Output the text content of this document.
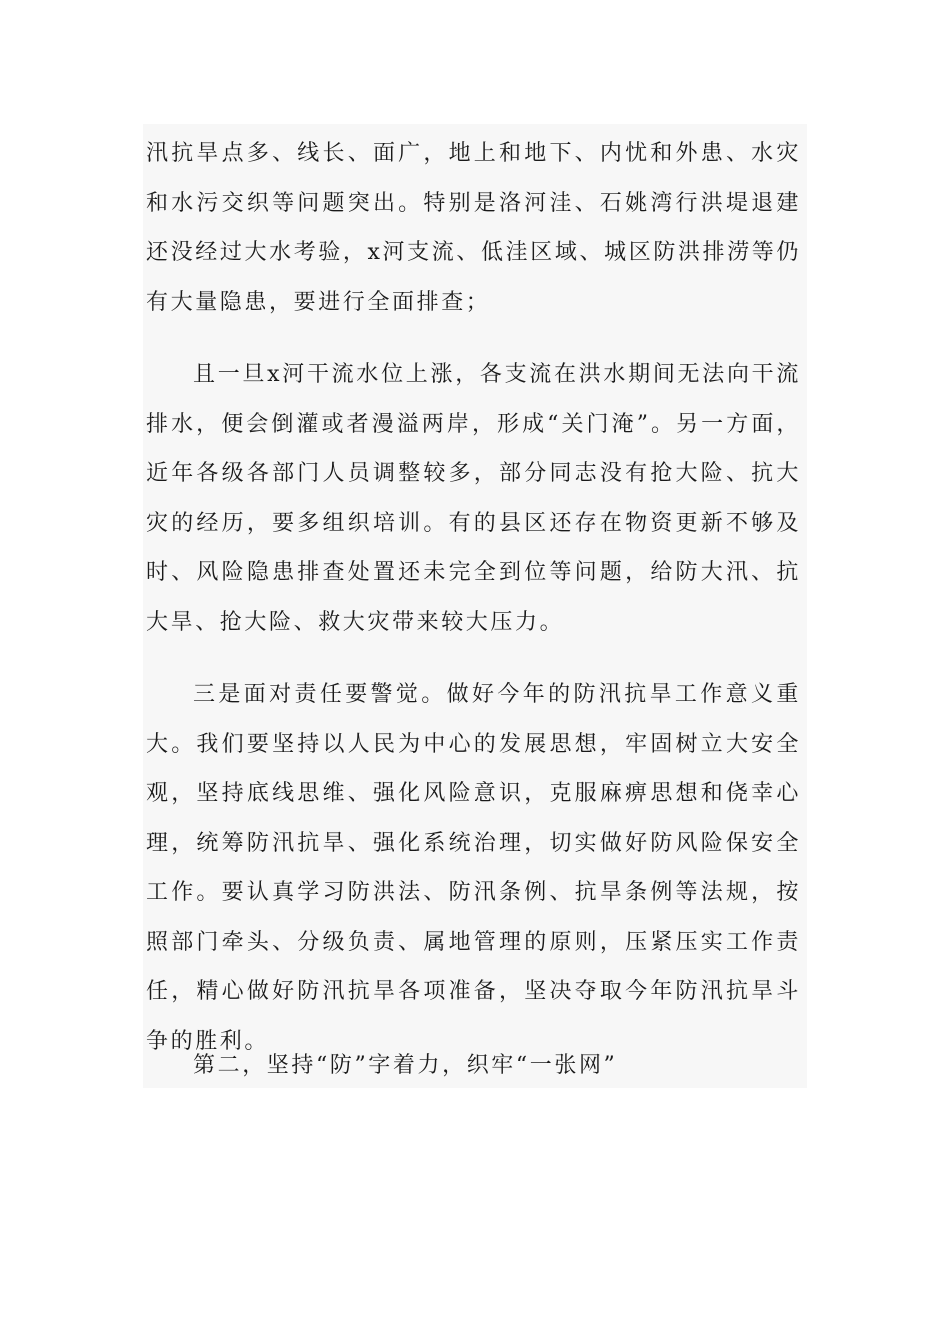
汛抗旱点多、线长、面广，地上和地下、内忧和外患、水灾和水污交织等问题突出。特别是洛河洼、石姚湾行洪堤退建还没经过大水考验，x河支流、低洼区域、城区防洪排涝等仍有大量隐患，要进行全面排查；

且一旦x河干流水位上涨，各支流在洪水期间无法向干流排水，便会倒灌或者漫溢两岸，形成“关门淹”。另一方面，近年各级各部门人员调整较多，部分同志没有抢大险、抗大灾的经历，要多组织培训。有的县区还存在物资更新不够及时、风险隐患排查处置还未完全到位等问题，给防大汛、抗大旱、抢大险、救大灾带来较大压力。

三是面对责任要警觉。做好今年的防汛抗旱工作意义重大。我们要坚持以人民为中心的发展思想，牢固树立大安全观，坚持底线思维、强化风险意识，克服麻痹思想和侥幸心理，统筹防汛抗旱、强化系统治理，切实做好防风险保安全工作。要认真学习防洪法、防汛条例、抗旱条例等法规，按照部门牵头、分级负责、属地管理的原则，压紧压实工作责任，精心做好防汛抗旱各项准备，坚决夺取今年防汛抗旱斗争的胜利。

第二，坚持“防”字着力，织牢“一张网”
